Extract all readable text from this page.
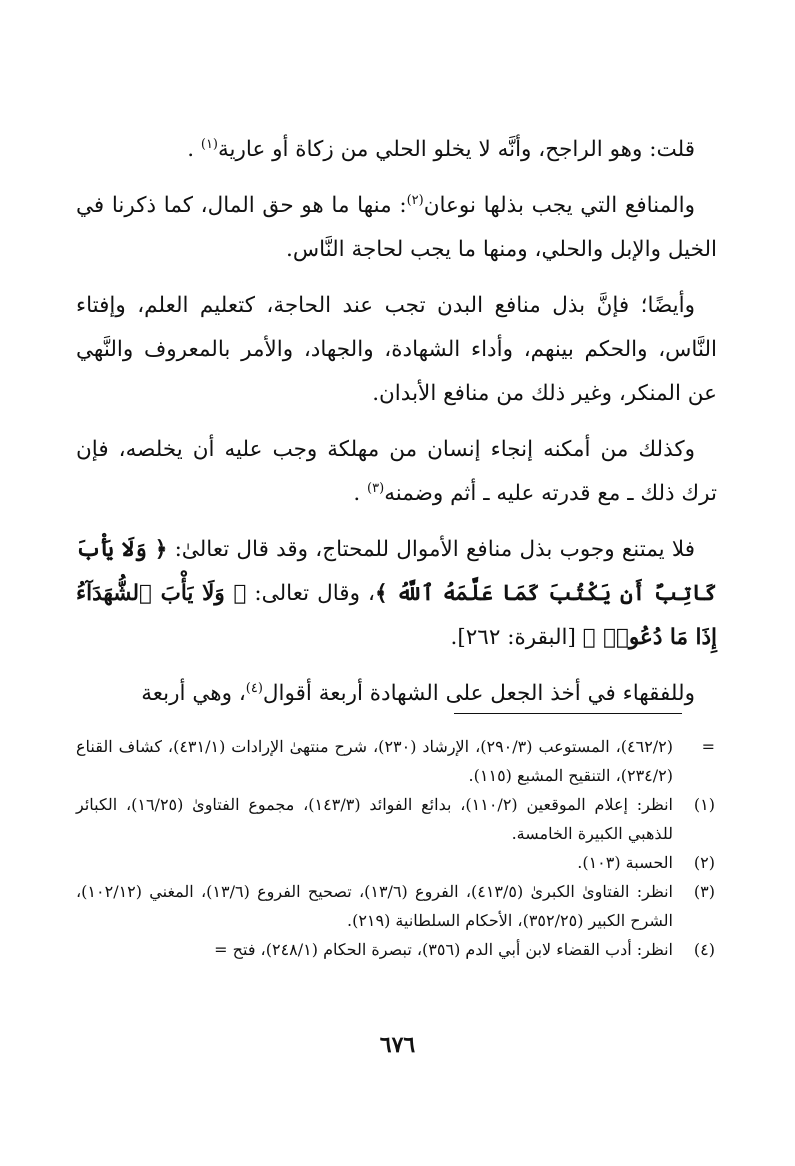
قلت: وهو الراجح، وأنَّه لا يخلو الحلي من زكاة أو عارية$^{(١)}$ .

والمنافع التي يجب بذلها نوعان$^{(٢)}$: منها ما هو حق المال، كما ذكرنا في الخيل والإبل والحلي، ومنها ما يجب لحاجة النَّاس.

وأيضًا؛ فإنَّ بذل منافع البدن تجب عند الحاجة، كتعليم العلم، وإفتاء النَّاس، والحكم بينهم، وأداء الشهادة، والجهاد، والأمر بالمعروف والنَّهي عن المنكر، وغير ذلك من منافع الأبدان.

وكذلك من أمكنه إنجاء إنسان من مهلكة وجب عليه أن يخلصه، فإن ترك ذلك ـ مع قدرته عليه ـ أثم وضمنه$^{(٣)}$ .

فلا يمتنع وجوب بذل منافع الأموال للمحتاج، وقد قال تعالىٰ: ﴿ وَلَا يَأْبَ كَاتِبٌ أَن يَكْتُبَ كَمَا عَلَّمَهُ ٱللَّهُ ﴾، وقال تعالى: ﴿ وَلَا يَأْبَ ٱلشُّهَدَآءُ إِذَا مَا دُعُوا۟ ﴾ [البقرة: ٢٦٢].

وللفقهاء في أخذ الجعل على الشهادة أربعة أقوال$^{(٤)}$، وهي أربعة

=
(٤٦٢/٢)، المستوعب (٢٩٠/٣)، الإرشاد (٢٣٠)، شرح منتهىٰ الإرادات (٤٣١/١)، كشاف القناع (٢٣٤/٢)، التنقيح المشبع (١١٥).
(١)
انظر: إعلام الموقعين (١١٠/٢)، بدائع الفوائد (١٤٣/٣)، مجموع الفتاوىٰ (١٦/٢٥)، الكبائر للذهبي الكبيرة الخامسة.
(٢)
الحسبة (١٠٣).
(٣)
انظر: الفتاوىٰ الكبرىٰ (٤١٣/٥)، الفروع (١٣/٦)، تصحيح الفروع (١٣/٦)، المغني (١٠٢/١٢)، الشرح الكبير (٣٥٢/٢٥)، الأحكام السلطانية (٢١٩).
(٤)
انظر: أدب القضاء لابن أبي الدم (٣٥٦)، تبصرة الحكام (٢٤٨/١)، فتح =
٦٧٦
